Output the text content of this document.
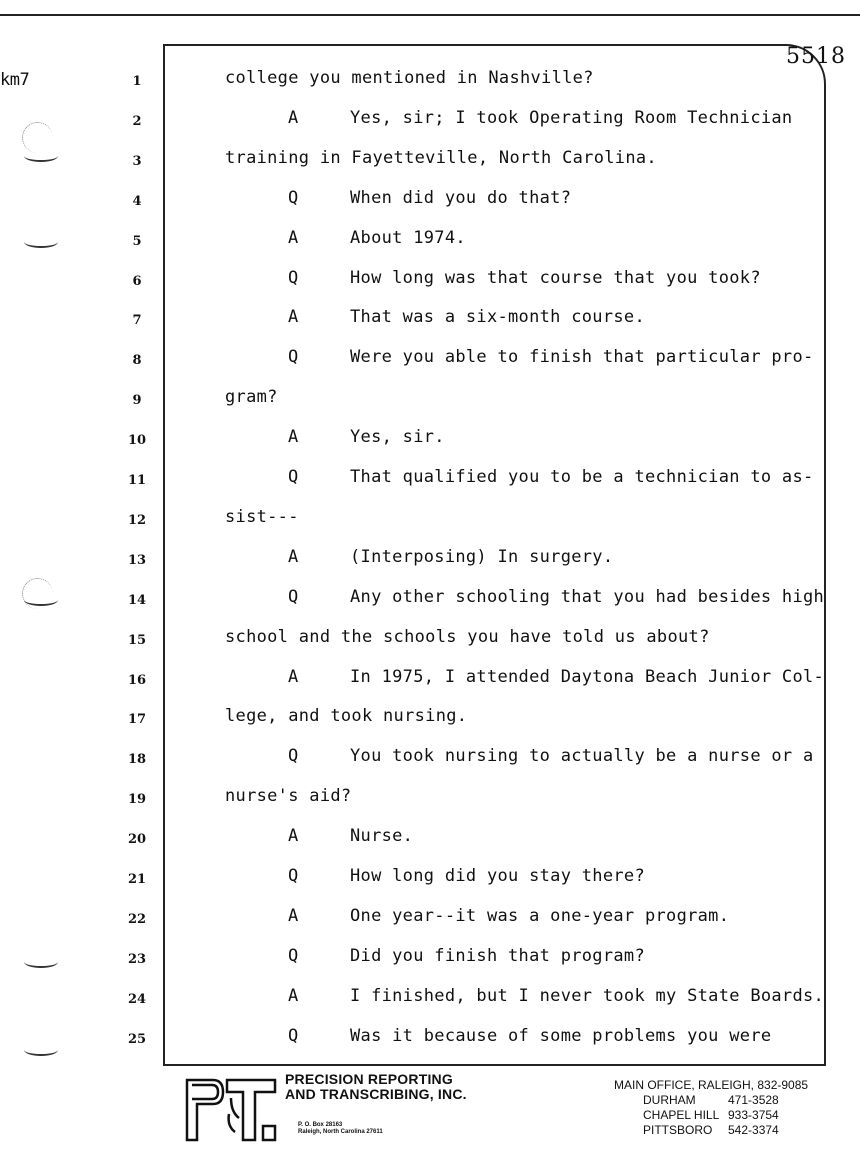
km7
5518
1	college you mentioned in Nashville?
2	A	Yes, sir; I took Operating Room Technician
3	training in Fayetteville, North Carolina.
4	Q	When did you do that?
5	A	About 1974.
6	Q	How long was that course that you took?
7	A	That was a six-month course.
8	Q	Were you able to finish that particular pro-
9	gram?
10	A	Yes, sir.
11	Q	That qualified you to be a technician to as-
12	sist---
13	A	(Interposing) In surgery.
14	Q	Any other schooling that you had besides high
15	school and the schools you have told us about?
16	A	In 1975, I attended Daytona Beach Junior Col-
17	lege, and took nursing.
18	Q	You took nursing to actually be a nurse or a
19	nurse's aid?
20	A	Nurse.
21	Q	How long did you stay there?
22	A	One year--it was a one-year program.
23	Q	Did you finish that program?
24	A	I finished, but I never took my State Boards.
25	Q	Was it because of some problems you were
PRECISION REPORTING
AND TRANSCRIBING, INC.
P. O. Box 28163
Raleigh, North Carolina 27611
MAIN OFFICE, RALEIGH, 832-9085
DURHAM	471-3528
CHAPEL HILL 933-3754
PITTSBORO 542-3374
